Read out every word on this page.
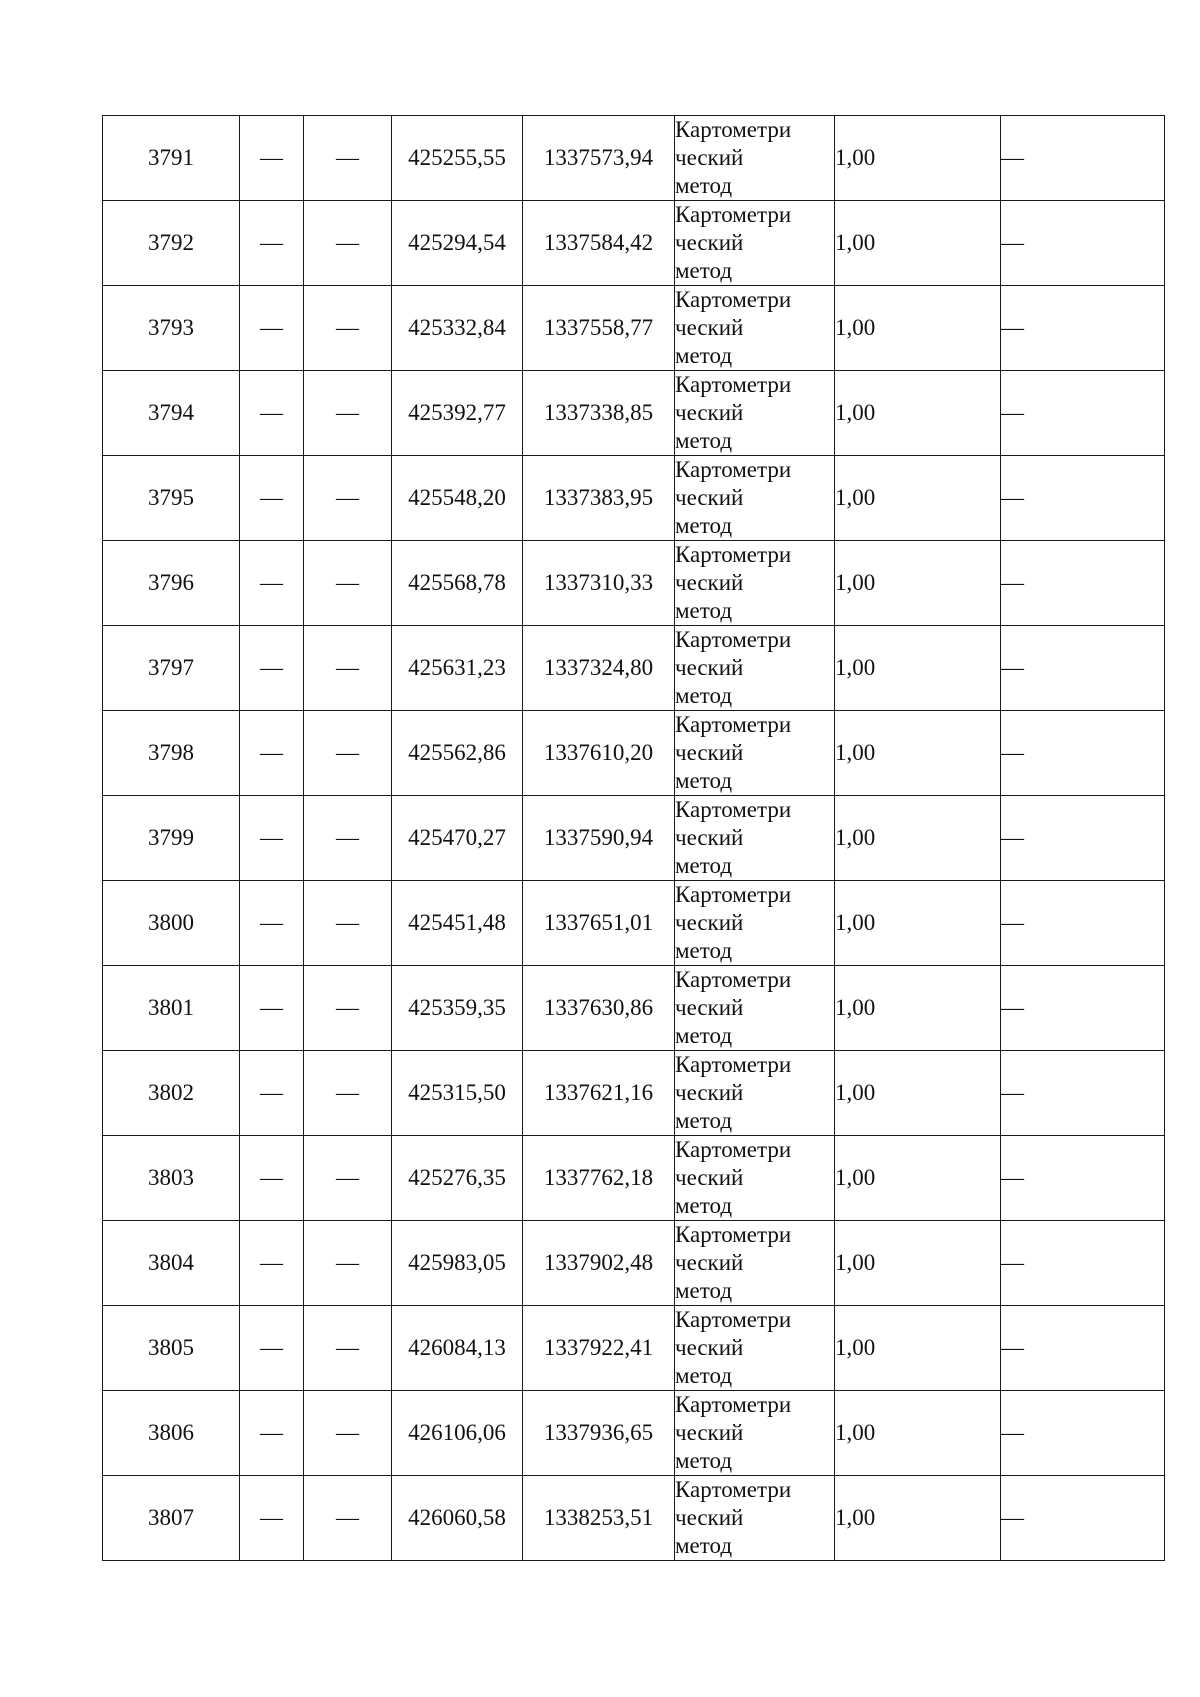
3791	—	—	425255,55	1337573,94	Картометри
ческий
метод	1,00	—
3792	—	—	425294,54	1337584,42	Картометри
ческий
метод	1,00	—
3793	—	—	425332,84	1337558,77	Картометри
ческий
метод	1,00	—
3794	—	—	425392,77	1337338,85	Картометри
ческий
метод	1,00	—
3795	—	—	425548,20	1337383,95	Картометри
ческий
метод	1,00	—
3796	—	—	425568,78	1337310,33	Картометри
ческий
метод	1,00	—
3797	—	—	425631,23	1337324,80	Картометри
ческий
метод	1,00	—
3798	—	—	425562,86	1337610,20	Картометри
ческий
метод	1,00	—
3799	—	—	425470,27	1337590,94	Картометри
ческий
метод	1,00	—
3800	—	—	425451,48	1337651,01	Картометри
ческий
метод	1,00	—
3801	—	—	425359,35	1337630,86	Картометри
ческий
метод	1,00	—
3802	—	—	425315,50	1337621,16	Картометри
ческий
метод	1,00	—
3803	—	—	425276,35	1337762,18	Картометри
ческий
метод	1,00	—
3804	—	—	425983,05	1337902,48	Картометри
ческий
метод	1,00	—
3805	—	—	426084,13	1337922,41	Картометри
ческий
метод	1,00	—
3806	—	—	426106,06	1337936,65	Картометри
ческий
метод	1,00	—
3807	—	—	426060,58	1338253,51	Картометри
ческий
метод	1,00	—
